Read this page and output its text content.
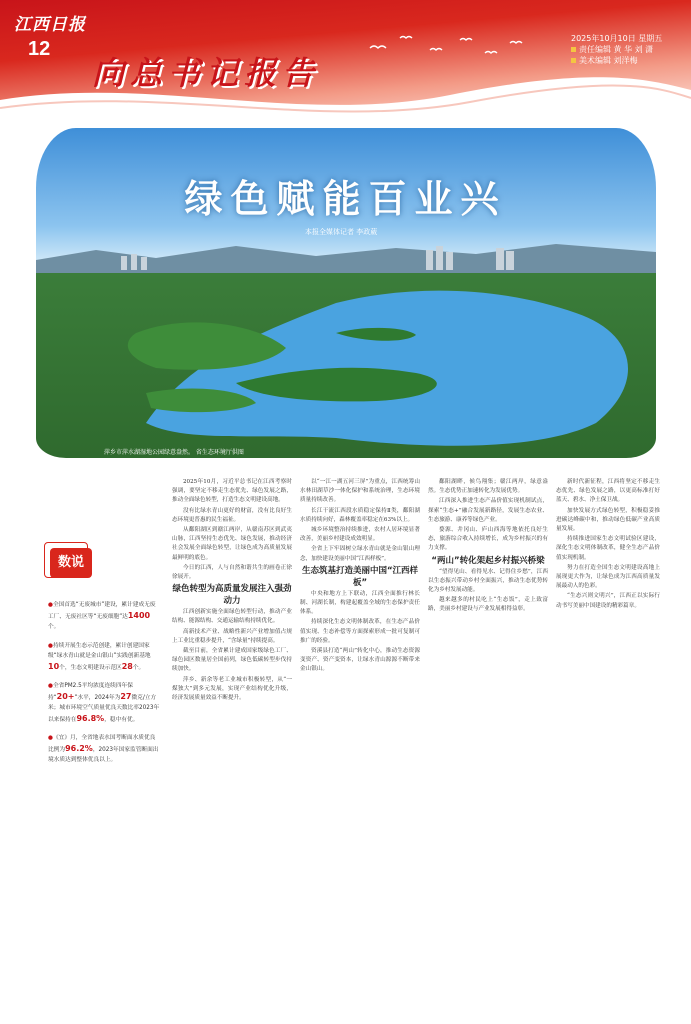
江西日报
12
向总书记报告
2025年10月10日 星期五
责任编辑 黄 华 刘 潇
美术编辑 刘洋梅
绿色赋能百业兴
本报全媒体记者 李政葳
萍乡市萍水湖湿地公园绿意盎然。 省生态环境厅供图
数说
●全国首选“无废城市”建设，累计建成无废工厂、无废社区等“无废细胞”达1400个。
●持续开展生态示范创建，累计创建国家级“绿水青山就是金山银山”实践创新基地10个，生态文明建设示范区28个。
●全省PM2.5平均浓度连续四年保持“20+”水平，2024年为27微克/立方米；城市环境空气质量优良天数比率2023年以来保持在96.8%，稳中有优。
●《宜》月，全省地表水国考断面水质优良比例为96.2%，2023年国家监管断面出境水质达到整体优良以上。

2025年10月，习近平总书记在江西考察时强调，要坚定不移走生态优先、绿色发展之路，推动全面绿色转型，打造生态文明建设高地。

没有比绿水青山更好的财富，没有比良好生态环境更普惠的民生福祉。

从鄱阳湖区到赣江两岸，从赣南苏区到武夷山脉，江西坚持生态优先、绿色发展，推动经济社会发展全面绿色转型，让绿色成为高质量发展最鲜明的底色。

今日的江西，人与自然和谐共生的画卷正徐徐展开。

绿色转型为高质量发展注入强劲动力

江西创新实施全面绿色转型行动，推动产业结构、能源结构、交通运输结构持续优化。

高新技术产业、战略性新兴产业增加值占规上工业比重稳步提升，“含绿量”持续提高。

截至目前，全省累计建成国家级绿色工厂、绿色园区数量居全国前列，绿色低碳转型步伐持续加快。

萍乡、新余等老工业城市积极转型，从“一煤独大”到多元发展，实现产业结构优化升级，经济发展质量效益不断提升。

以“一江一湖五河三屏”为重点，江西统筹山水林田湖草沙一体化保护和系统治理，生态环境质量持续改善。

长江干流江西段水质稳定保持Ⅱ类，鄱阳湖水质持续向好，森林覆盖率稳定在63%以上。

城乡环境整治持续推进，农村人居环境显著改善，美丽乡村建设成效明显。

全省上下牢固树立绿水青山就是金山银山理念，加快建设美丽中国“江西样板”。

生态筑基打造美丽中国“江西样板”

中央和地方上下联动，江西全面推行林长制、河湖长制，构建起覆盖全域的生态保护责任体系。

持续深化生态文明体制改革，在生态产品价值实现、生态补偿等方面探索形成一批可复制可推广的经验。

资溪县打造“两山”转化中心，推动生态资源变资产、资产变资本，让绿水青山源源不断带来金山银山。

鄱阳湖畔，候鸟翔集；赣江两岸，绿意盎然。生态优势正加速转化为发展优势。

江西深入推进生态产品价值实现机制试点，探索“生态+”融合发展新路径，发展生态农业、生态旅游、康养等绿色产业。

婺源、井冈山、庐山西海等地依托良好生态，旅游综合收入持续增长，成为乡村振兴的有力支撑。

“两山”转化架起乡村振兴桥梁

“望得见山、看得见水、记得住乡愁”，江西以生态振兴带动乡村全面振兴，推动生态优势转化为乡村发展动能。

越来越多的村民吃上“生态饭”，走上致富路，美丽乡村建设与产业发展相得益彰。

新时代新征程，江西将坚定不移走生态优先、绿色发展之路，以更高标准打好蓝天、碧水、净土保卫战。

加快发展方式绿色转型，积极稳妥推进碳达峰碳中和，推动绿色低碳产业高质量发展。

持续推进国家生态文明试验区建设，深化生态文明体制改革，健全生态产品价值实现机制。

努力在打造全国生态文明建设高地上展现更大作为，让绿色成为江西高质量发展最动人的色彩。

“生态兴则文明兴”，江西正以实际行动书写美丽中国建设的精彩篇章。
